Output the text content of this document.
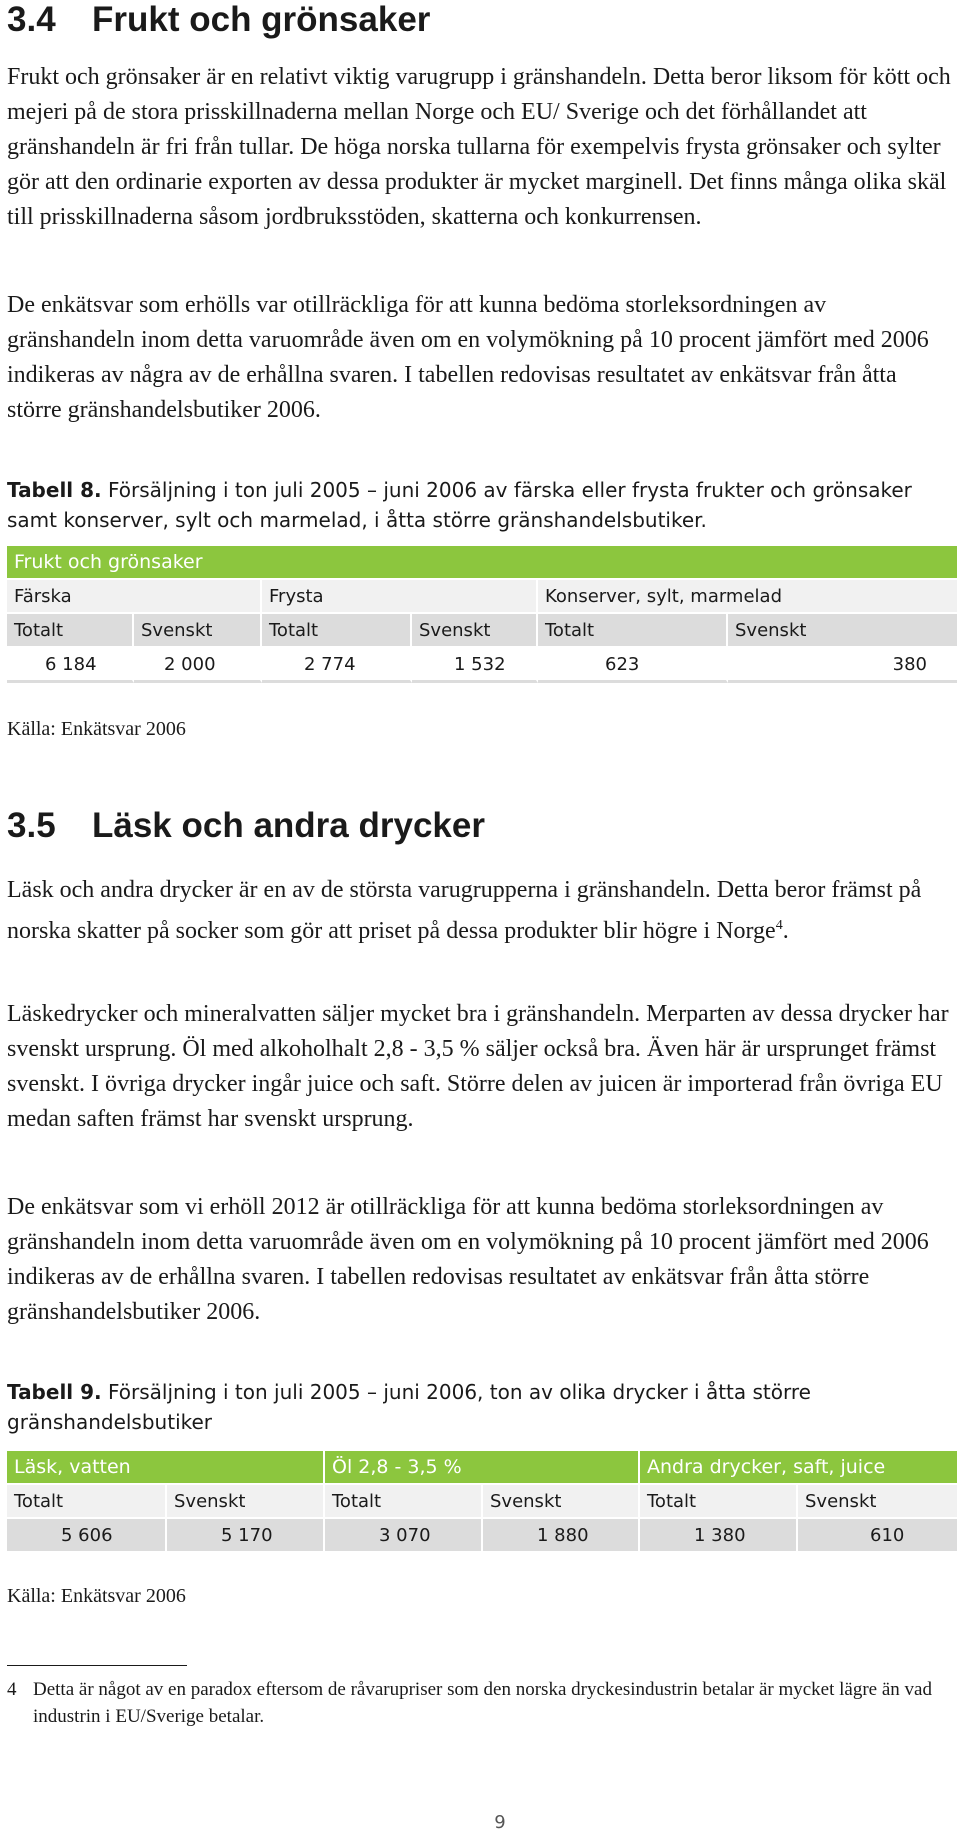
3.4 Frukt och grönsaker

Frukt och grönsaker är en relativt viktig varugrupp i gränshandeln. Detta beror liksom för kött och mejeri på de stora prisskillnaderna mellan Norge och EU/ Sverige och det förhållandet att gränshandeln är fri från tullar. De höga norska tullarna för exempelvis frysta grönsaker och sylter gör att den ordinarie exporten av dessa produkter är mycket marginell. Det finns många olika skäl till prisskillnaderna såsom jordbruksstöden, skatterna och konkurrensen.

De enkätsvar som erhölls var otillräckliga för att kunna bedöma storleksordningen av gränshandeln inom detta varuområde även om en volymökning på 10 procent jämfört med 2006 indikeras av några av de erhållna svaren. I tabellen redovisas resultatet av enkätsvar från åtta större gränshandelsbutiker 2006.

Tabell 8. Försäljning i ton juli 2005 – juni 2006 av färska eller frysta frukter och grönsaker samt konserver, sylt och marmelad, i åtta större gränshandelsbutiker.
Frukt och grönsaker					
Färska		Frysta		Konserver, sylt, marmelad	
Totalt	Svenskt	Totalt	Svenskt	Totalt	Svenskt
6 184	2 000	2 774	1 532	623	380
Källa: Enkätsvar 2006
3.5 Läsk och andra drycker

Läsk och andra drycker är en av de största varugrupperna i gränshandeln. Detta beror främst på norska skatter på socker som gör att priset på dessa produkter blir högre i Norge$^4$.

Läskedrycker och mineralvatten säljer mycket bra i gränshandeln. Merparten av dessa drycker har svenskt ursprung. Öl med alkoholhalt 2,8 - 3,5 % säljer också bra. Även här är ursprunget främst svenskt. I övriga drycker ingår juice och saft. Större delen av juicen är importerad från övriga EU medan saften främst har svenskt ursprung.

De enkätsvar som vi erhöll 2012 är otillräckliga för att kunna bedöma storleksordningen av gränshandeln inom detta varuområde även om en volymökning på 10 procent jämfört med 2006 indikeras av de erhållna svaren. I tabellen redovisas resultatet av enkätsvar från åtta större gränshandelsbutiker 2006.

Tabell 9. Försäljning i ton juli 2005 – juni 2006, ton av olika drycker i åtta större gränshandelsbutiker
Läsk, vatten		Öl 2,8 - 3,5 %		Andra drycker, saft, juice	
Totalt	Svenskt	Totalt	Svenskt	Totalt	Svenskt
5 606	5 170	3 070	1 880	1 380	610
Källa: Enkätsvar 2006
4 Detta är något av en paradox eftersom de råvarupriser som den norska dryckesindustrin betalar är mycket lägre än vad industrin i EU/Sverige betalar.
9
